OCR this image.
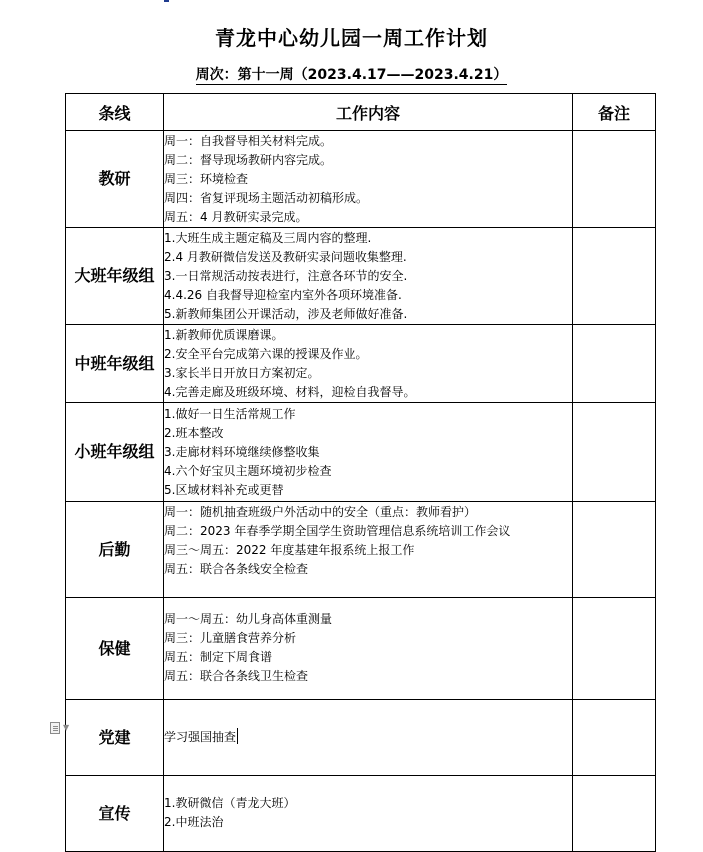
青龙中心幼儿园一周工作计划
周次：第十一周（2023.4.17——2023.4.21）
条线	工作内容	备注
教研	周一：自我督导相关材料完成。
周二：督导现场教研内容完成。
周三：环境检查
周四：省复评现场主题活动初稿形成。
周五：4 月教研实录完成。	

大班年级组	1.大班生成主题定稿及三周内容的整理.
2.4 月教研微信发送及教研实录问题收集整理.
3.一日常规活动按表进行，注意各环节的安全.
4.4.26 自我督导迎检室内室外各项环境准备.
5.新教师集团公开课活动，涉及老师做好准备.	

中班年级组	1.新教师优质课磨课。
2.安全平台完成第六课的授课及作业。
3.家长半日开放日方案初定。
4.完善走廊及班级环境、材料，迎检自我督导。	

小班年级组	1.做好一日生活常规工作
2.班本整改
3.走廊材料环境继续修整收集
4.六个好宝贝主题环境初步检查
5.区域材料补充或更替	

后勤	周一：随机抽查班级户外活动中的安全（重点：教师看护）
周二：2023 年春季学期全国学生资助管理信息系统培训工作会议
周三～周五：2022 年度基建年报系统上报工作
周五：联合各条线安全检查	

保健	周一～周五：幼儿身高体重测量
周三：儿童膳食营养分析
周五：制定下周食谱
周五：联合各条线卫生检查	

党建	学习强国抽查	

宣传	1.教研微信（青龙大班）
2.中班法治	

▼
